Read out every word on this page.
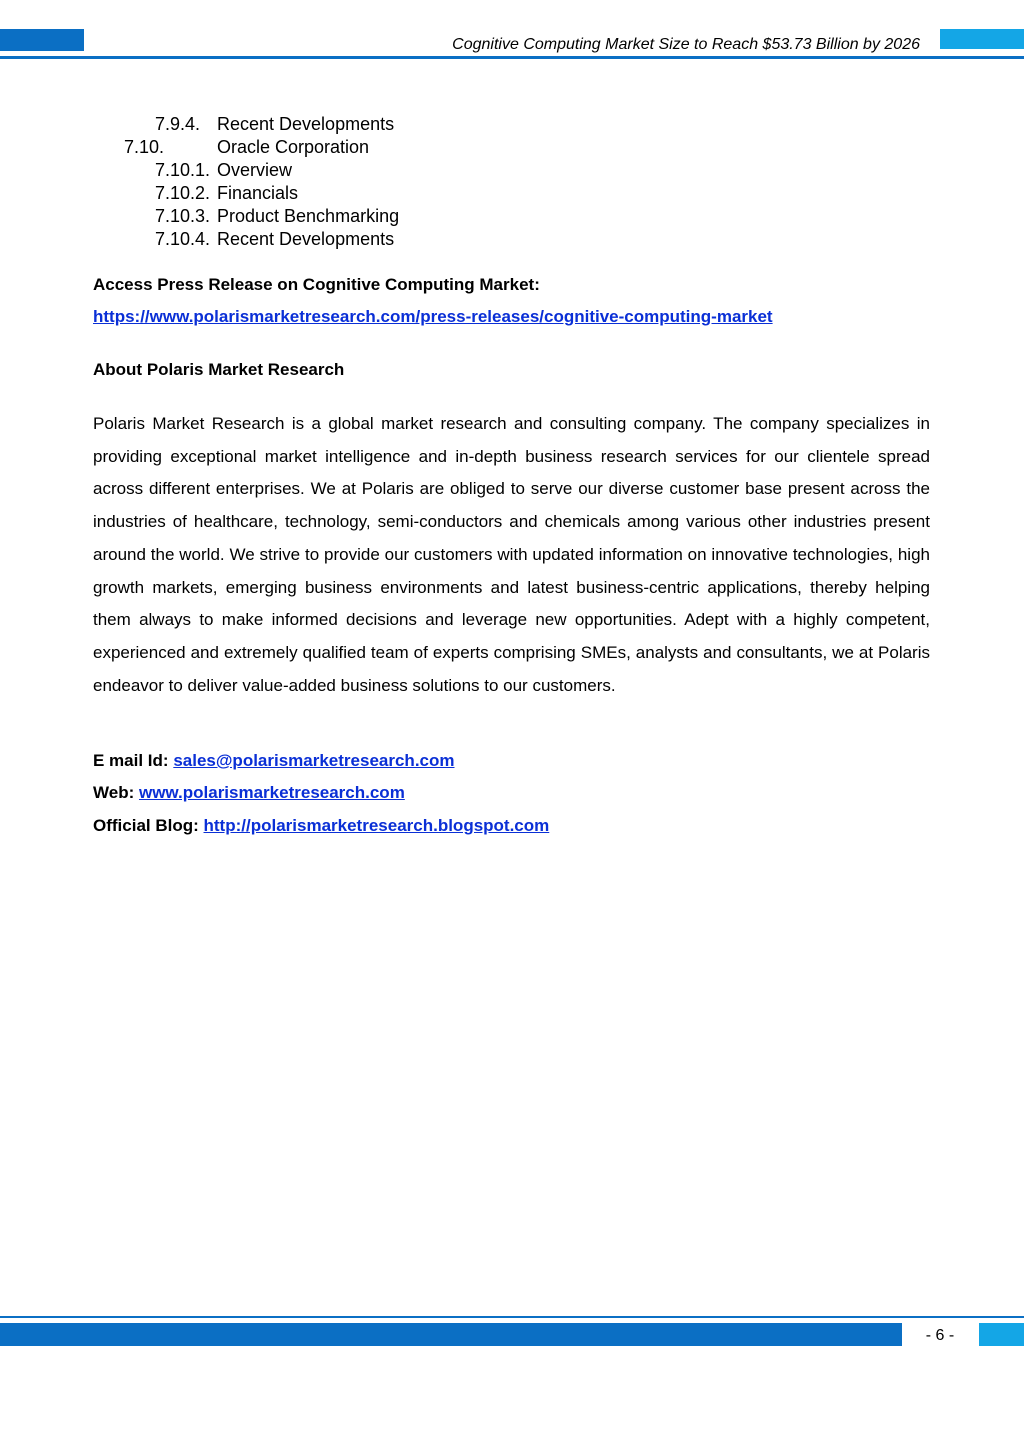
Cognitive Computing Market Size to Reach $53.73 Billion by 2026
7.9.4. Recent Developments
7.10.	Oracle Corporation
7.10.1. Overview
7.10.2. Financials
7.10.3. Product Benchmarking
7.10.4. Recent Developments
Access Press Release on Cognitive Computing Market:
https://www.polarismarketresearch.com/press-releases/cognitive-computing-market
About Polaris Market Research

Polaris Market Research is a global market research and consulting company. The company specializes in providing exceptional market intelligence and in-depth business research services for our clientele spread across different enterprises. We at Polaris are obliged to serve our diverse customer base present across the industries of healthcare, technology, semi-conductors and chemicals among various other industries present around the world. We strive to provide our customers with updated information on innovative technologies, high growth markets, emerging business environments and latest business-centric applications, thereby helping them always to make informed decisions and leverage new opportunities. Adept with a highly competent, experienced and extremely qualified team of experts comprising SMEs, analysts and consultants, we at Polaris endeavor to deliver value-added business solutions to our customers.

E mail Id: sales@polarismarketresearch.com
Web: www.polarismarketresearch.com
Official Blog: http://polarismarketresearch.blogspot.com
- 6 -
